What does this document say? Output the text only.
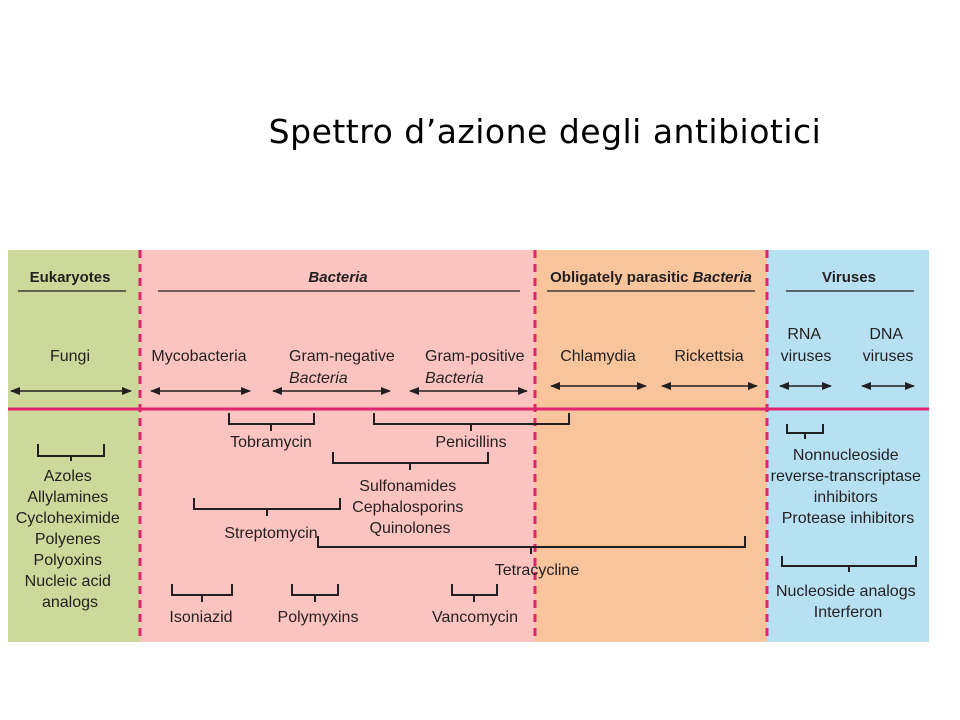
Spettro d’azione degli antibiotici
Eukaryotes	Bacteria	Obligately parasitic Bacteria	Viruses
Fungi	Mycobacteria	Gram-negative Bacteria
Gram-positive Bacteria
Chlamydia Rickettsia
RNA viruses
DNA viruses
Azoles Allylamines Cycloheximide Polyenes Polyoxins Nucleic acid analogs
Tobramycin	Penicillins
Sulfonamides Cephalosporins Quinolones
Streptomycin
Tetracycline
Isoniazid	Polymyxins	Vancomycin
Nonnucleoside reverse-transcriptase inhibitors Protease inhibitors
Nucleoside analogs Interferon
